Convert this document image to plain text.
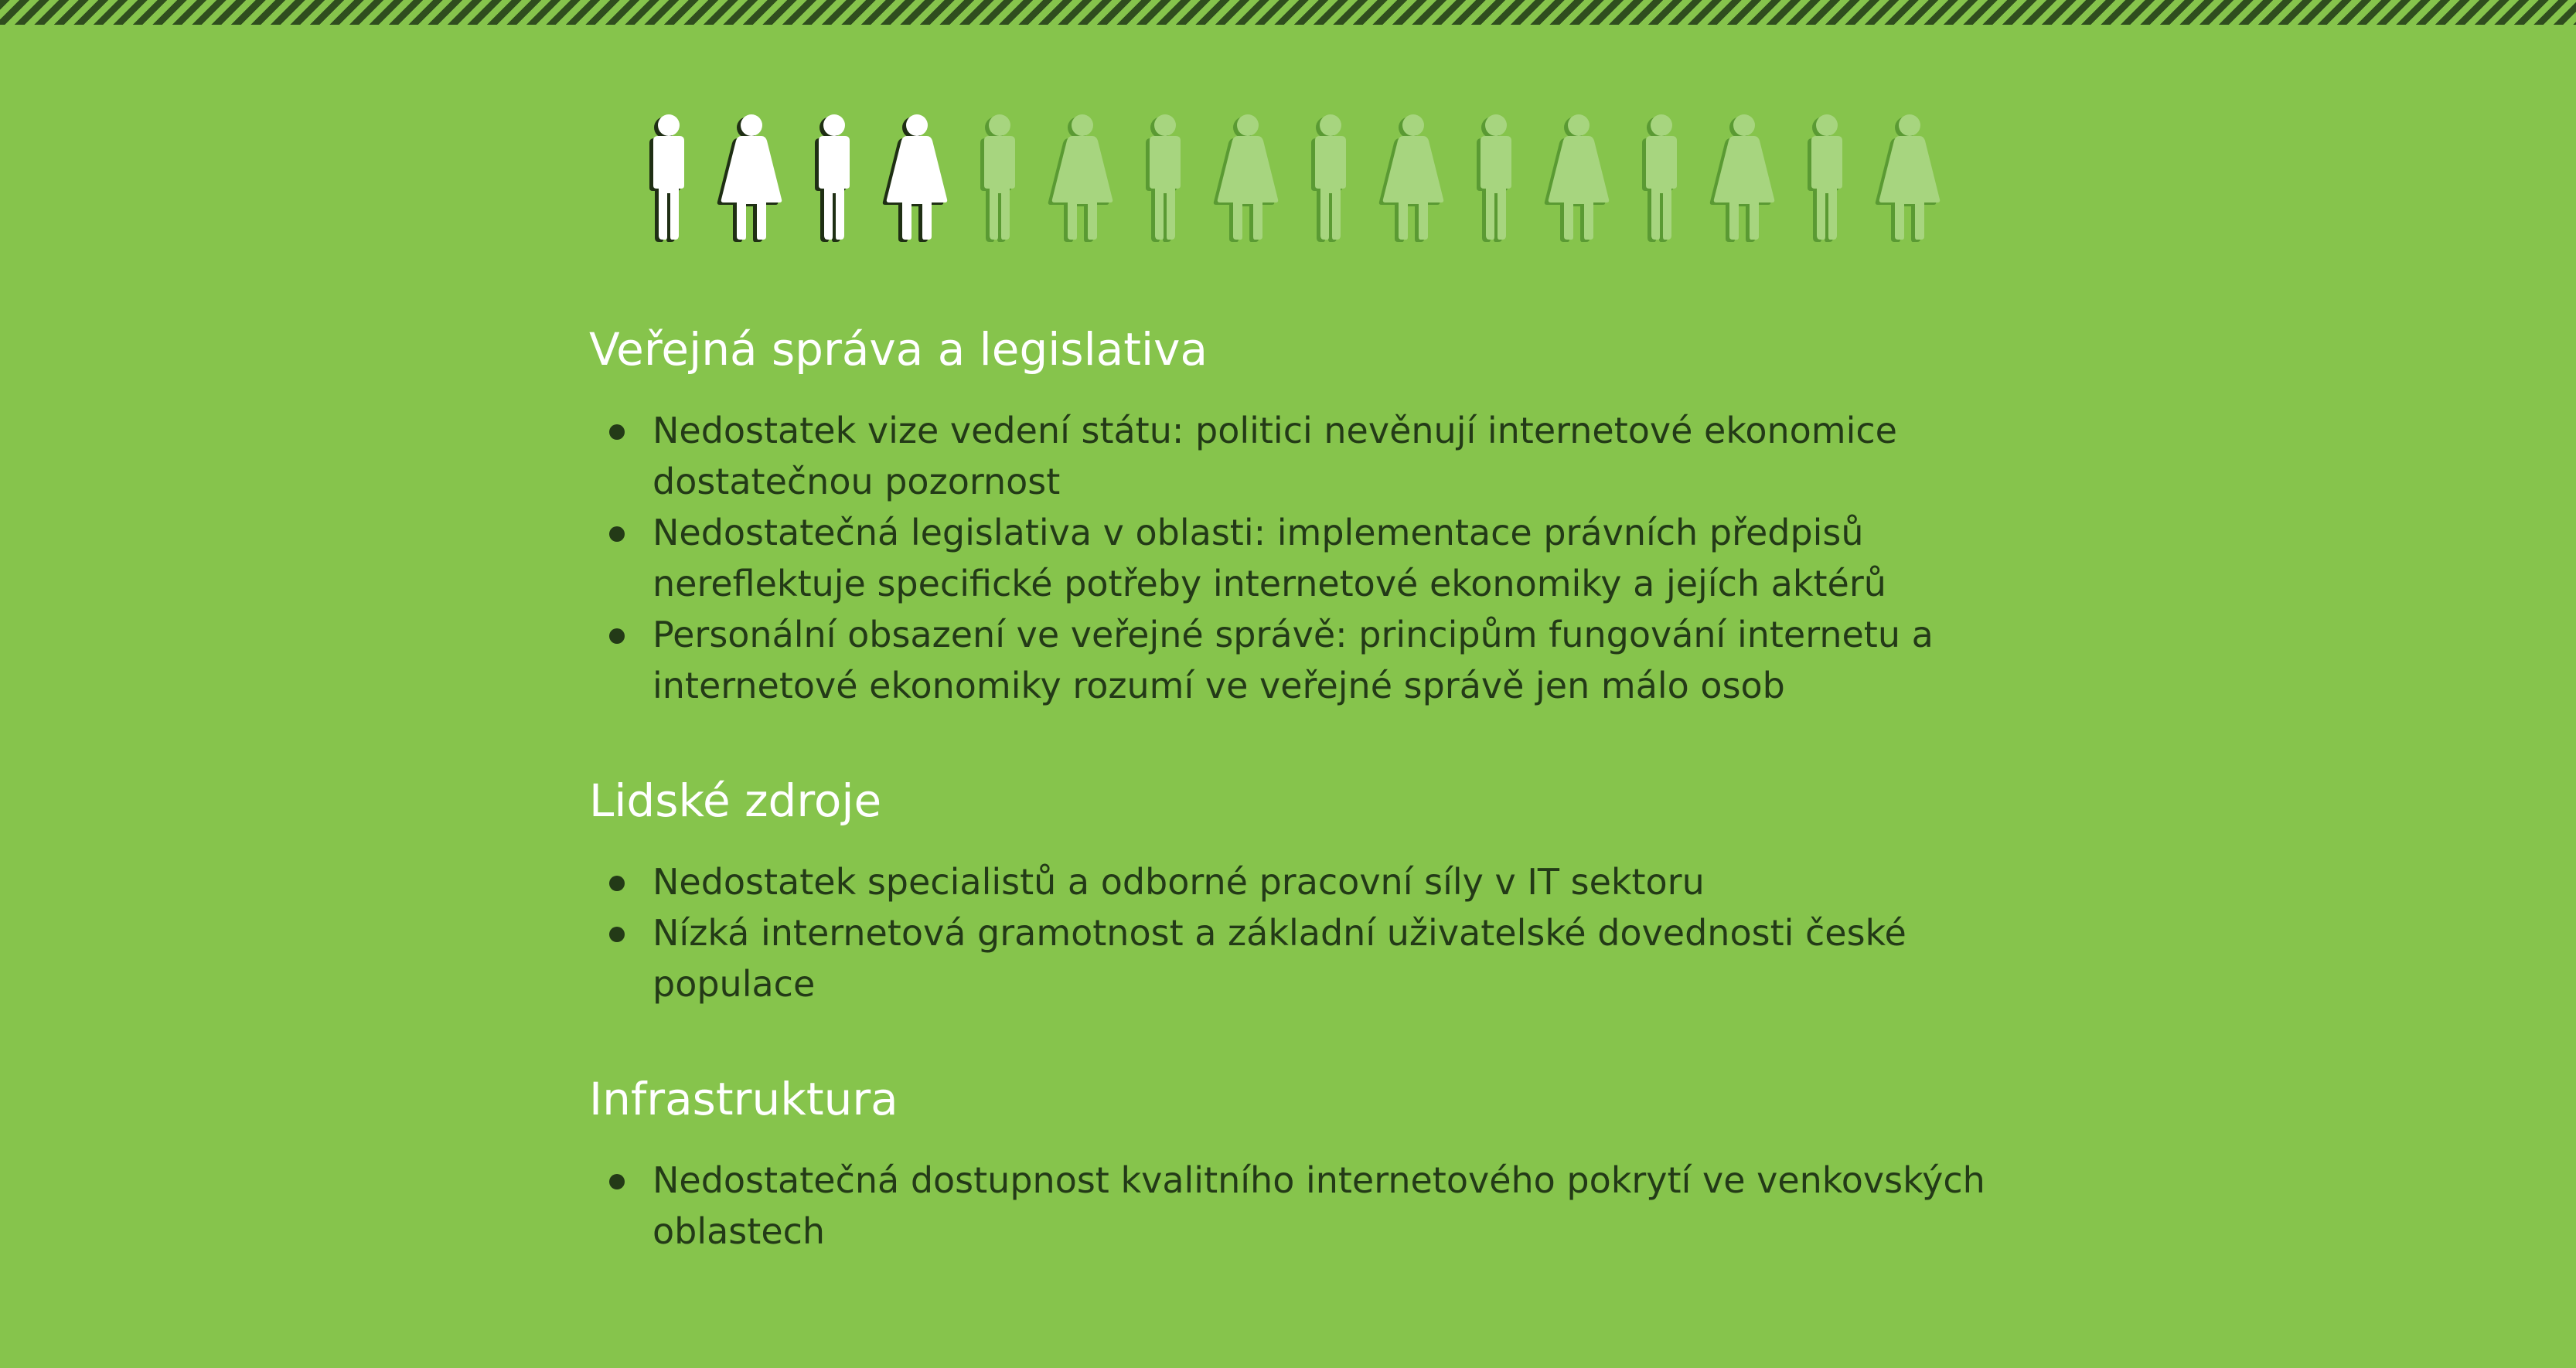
Veřejná správa a legislativa
Nedostatek vize vedení státu: politici nevěnují internetové ekonomice dostatečnou pozornost
Nedostatečná legislativa v oblasti: implementace právních předpisů nereflektuje specifické potřeby internetové ekonomiky a jejích aktérů
Personální obsazení ve veřejné správě: principům fungování internetu a internetové ekonomiky rozumí ve veřejné správě jen málo osob
Lidské zdroje
Nedostatek specialistů a odborné pracovní síly v IT sektoru
Nízká internetová gramotnost a základní uživatelské dovednosti české populace
Infrastruktura
Nedostatečná dostupnost kvalitního internetového pokrytí ve venkovských oblastech
